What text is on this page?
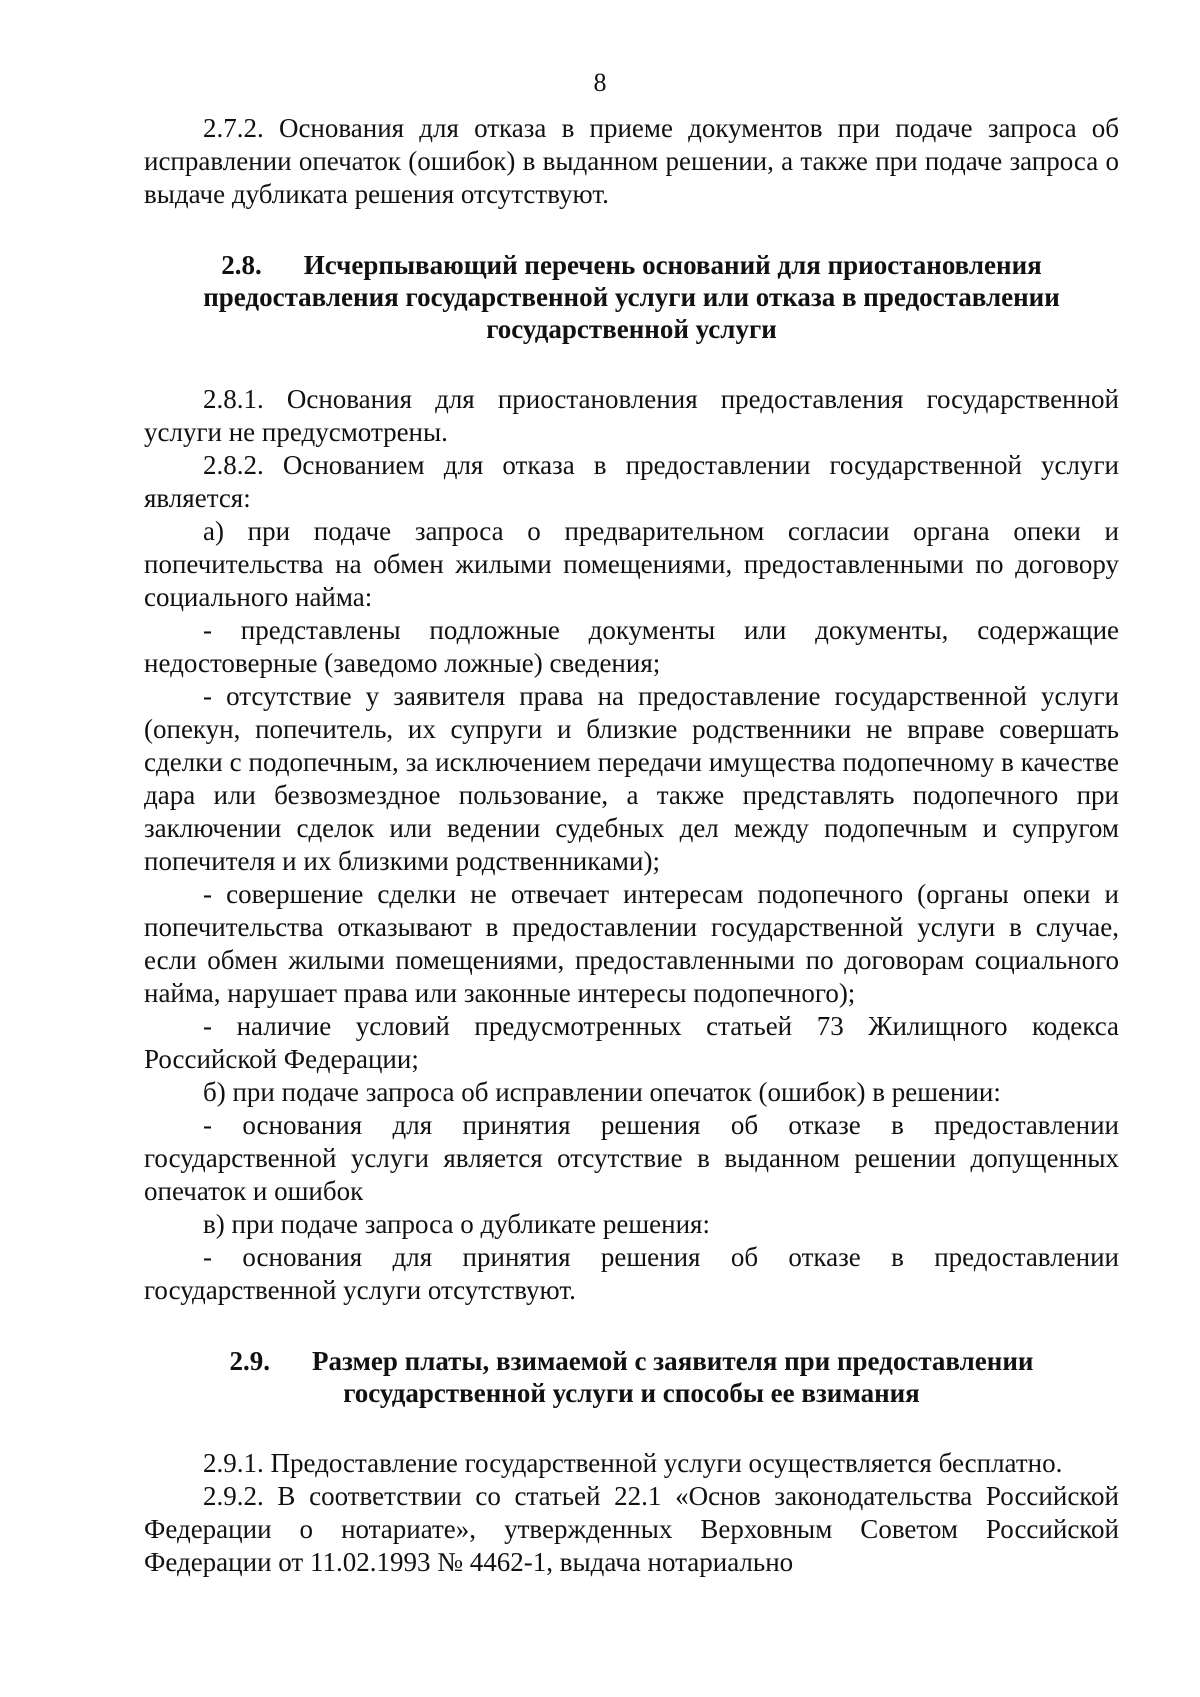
8

2.7.2. Основания для отказа в приеме документов при подаче запроса об исправлении опечаток (ошибок) в выданном решении, а также при подаче запроса о выдаче дубликата решения отсутствуют.

2.8. Исчерпывающий перечень оснований для приостановления предоставления государственной услуги или отказа в предоставлении государственной услуги

2.8.1. Основания для приостановления предоставления государственной услуги не предусмотрены.

2.8.2. Основанием для отказа в предоставлении государственной услуги является:

а) при подаче запроса о предварительном согласии органа опеки и попечительства на обмен жилыми помещениями, предоставленными по договору социального найма:

- представлены подложные документы или документы, содержащие недостоверные (заведомо ложные) сведения;

- отсутствие у заявителя права на предоставление государственной услуги (опекун, попечитель, их супруги и близкие родственники не вправе совершать сделки с подопечным, за исключением передачи имущества подопечному в качестве дара или безвозмездное пользование, а также представлять подопечного при заключении сделок или ведении судебных дел между подопечным и супругом попечителя и их близкими родственниками);

- совершение сделки не отвечает интересам подопечного (органы опеки и попечительства отказывают в предоставлении государственной услуги в случае, если обмен жилыми помещениями, предоставленными по договорам социального найма, нарушает права или законные интересы подопечного);

- наличие условий предусмотренных статьей 73 Жилищного кодекса Российской Федерации;

б) при подаче запроса об исправлении опечаток (ошибок) в решении:

- основания для принятия решения об отказе в предоставлении государственной услуги является отсутствие в выданном решении допущенных опечаток и ошибок

в) при подаче запроса о дубликате решения:

- основания для принятия решения об отказе в предоставлении государственной услуги отсутствуют.

2.9. Размер платы, взимаемой с заявителя при предоставлении государственной услуги и способы ее взимания

2.9.1. Предоставление государственной услуги осуществляется бесплатно.

2.9.2. В соответствии со статьей 22.1 «Основ законодательства Российской Федерации о нотариате», утвержденных Верховным Советом Российской Федерации от 11.02.1993 № 4462-1, выдача нотариально
